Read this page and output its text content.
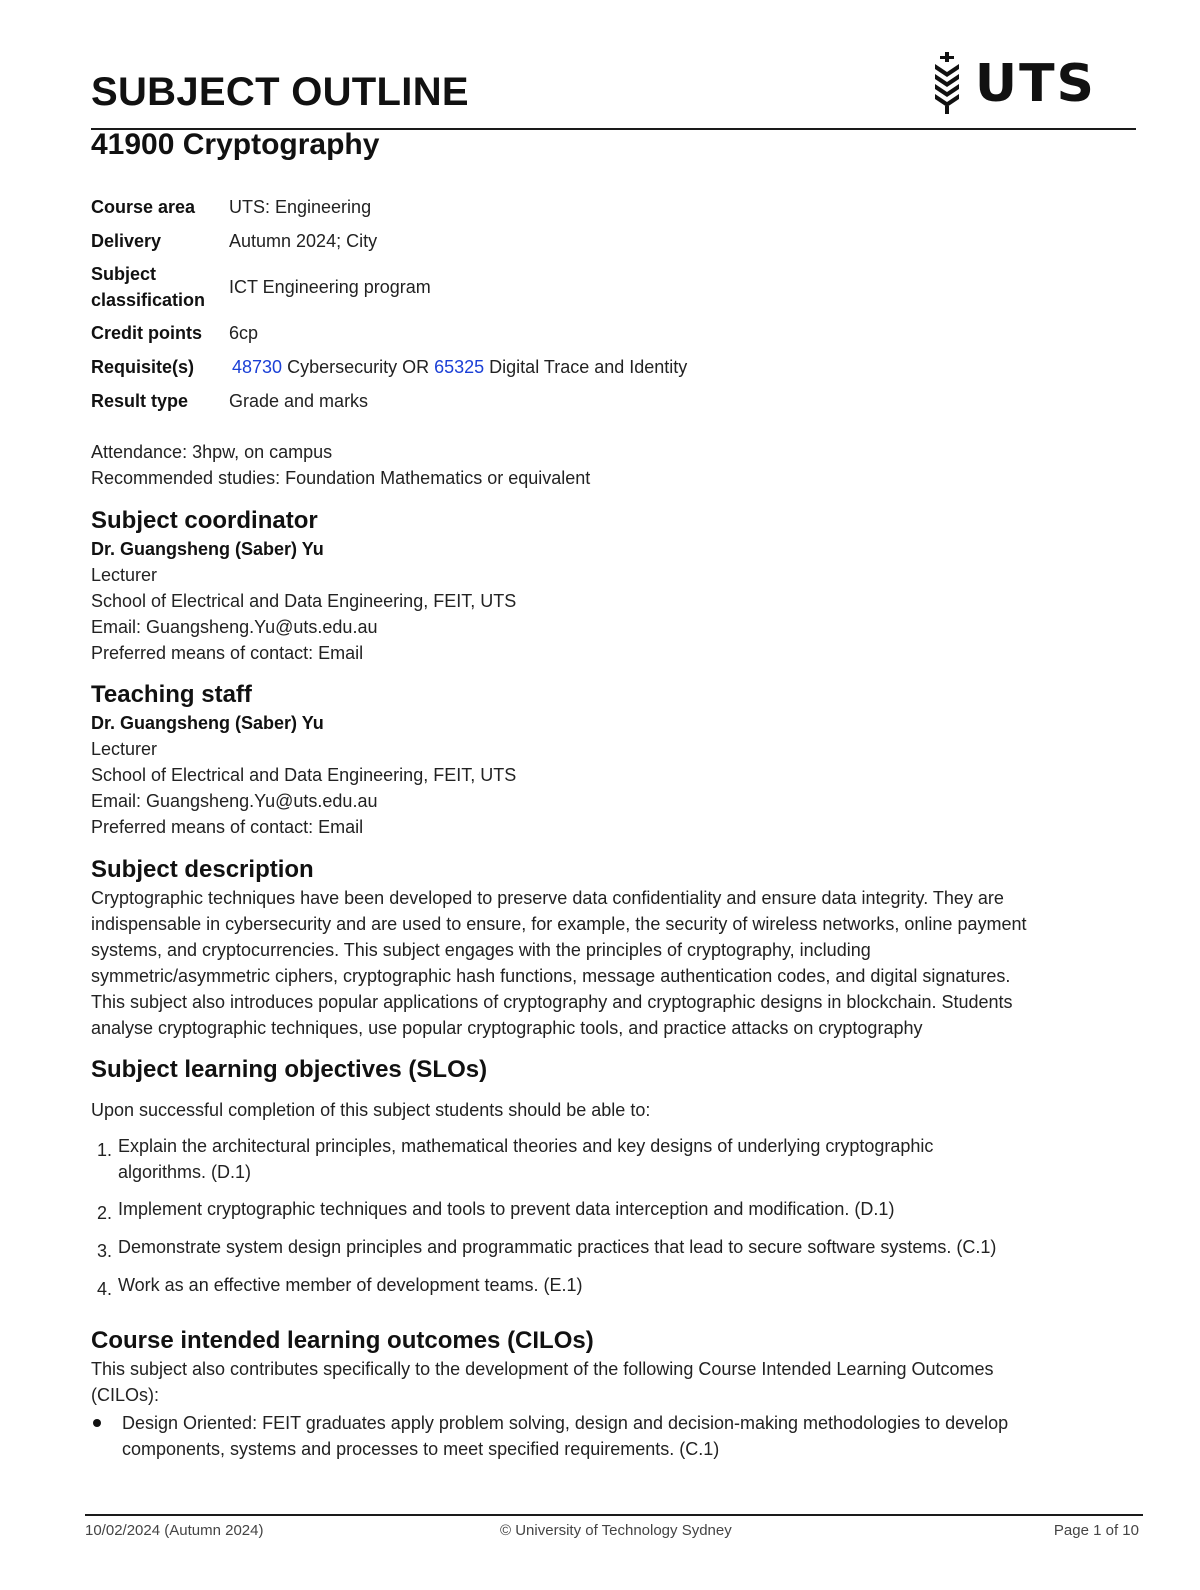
SUBJECT OUTLINE	UTS
41900 Cryptography
Course area	UTS: Engineering
Delivery	Autumn 2024; City

Subject
classification	ICT Engineering program
Credit points	6cp
Requisite(s)	48730 Cybersecurity OR 65325 Digital Trace and Identity
Result type	Grade and marks
Attendance: 3hpw, on campus
Recommended studies: Foundation Mathematics or equivalent
Subject coordinator
Dr. Guangsheng (Saber) Yu
Lecturer
School of Electrical and Data Engineering, FEIT, UTS
Email: Guangsheng.Yu@uts.edu.au
Preferred means of contact: Email
Teaching staff
Dr. Guangsheng (Saber) Yu
Lecturer
School of Electrical and Data Engineering, FEIT, UTS
Email: Guangsheng.Yu@uts.edu.au
Preferred means of contact: Email
Subject description
Cryptographic techniques have been developed to preserve data confidentiality and ensure data integrity. They are
indispensable in cybersecurity and are used to ensure, for example, the security of wireless networks, online payment
systems, and cryptocurrencies. This subject engages with the principles of cryptography, including
symmetric/asymmetric ciphers, cryptographic hash functions, message authentication codes, and digital signatures.
This subject also introduces popular applications of cryptography and cryptographic designs in blockchain. Students
analyse cryptographic techniques, use popular cryptographic tools, and practice attacks on cryptography
Subject learning objectives (SLOs)
Upon successful completion of this subject students should be able to:
1. Explain the architectural principles, mathematical theories and key designs of underlying cryptographic
algorithms. (D.1)
2. Implement cryptographic techniques and tools to prevent data interception and modification. (D.1)
3. Demonstrate system design principles and programmatic practices that lead to secure software systems. (C.1)
4. Work as an effective member of development teams. (E.1)
Course intended learning outcomes (CILOs)
This subject also contributes specifically to the development of the following Course Intended Learning Outcomes
(CILOs):
Design Oriented: FEIT graduates apply problem solving, design and decision-making methodologies to develop
components, systems and processes to meet specified requirements. (C.1)
10/02/2024 (Autumn 2024)	© University of Technology Sydney	Page 1 of 10
